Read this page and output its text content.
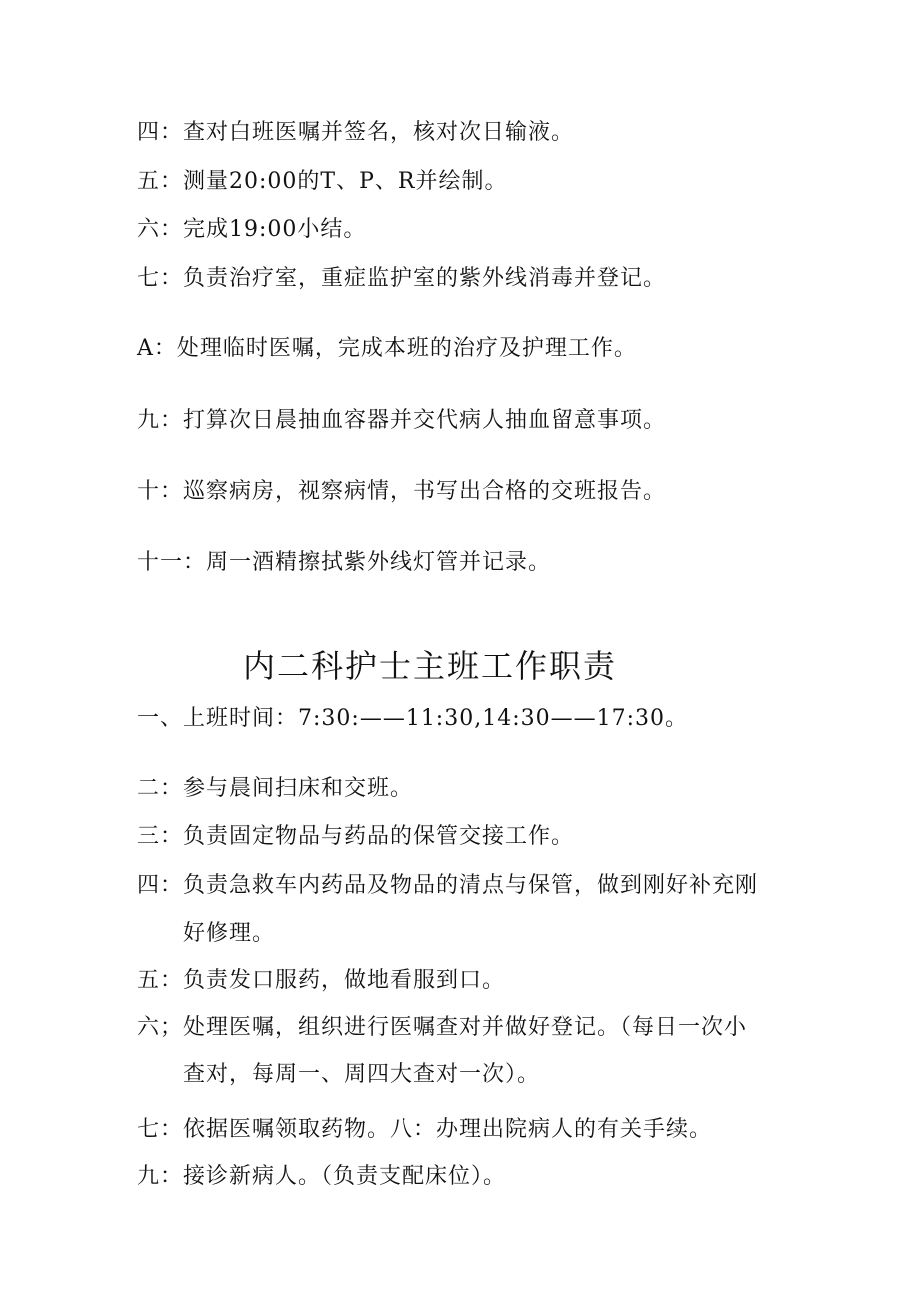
四：查对白班医嘱并签名，核对次日输液。
五：测量20:00的T、P、R并绘制。
六：完成19:00小结。
七：负责治疗室，重症监护室的紫外线消毒并登记。
A：处理临时医嘱，完成本班的治疗及护理工作。
九：打算次日晨抽血容器并交代病人抽血留意事项。
十：巡察病房，视察病情，书写出合格的交班报告。
十一：周一酒精擦拭紫外线灯管并记录。
内二科护士主班工作职责
一、上班时间：7:30:——11:30,14:30——17:30。
二：参与晨间扫床和交班。
三：负责固定物品与药品的保管交接工作。
四：负责急救车内药品及物品的清点与保管，做到刚好补充刚
好修理。
五：负责发口服药，做地看服到口。
六；处理医嘱，组织进行医嘱查对并做好登记。（每日一次小
查对，每周一、周四大查对一次）。
七：依据医嘱领取药物。八：办理出院病人的有关手续。
九：接诊新病人。（负责支配床位）。
